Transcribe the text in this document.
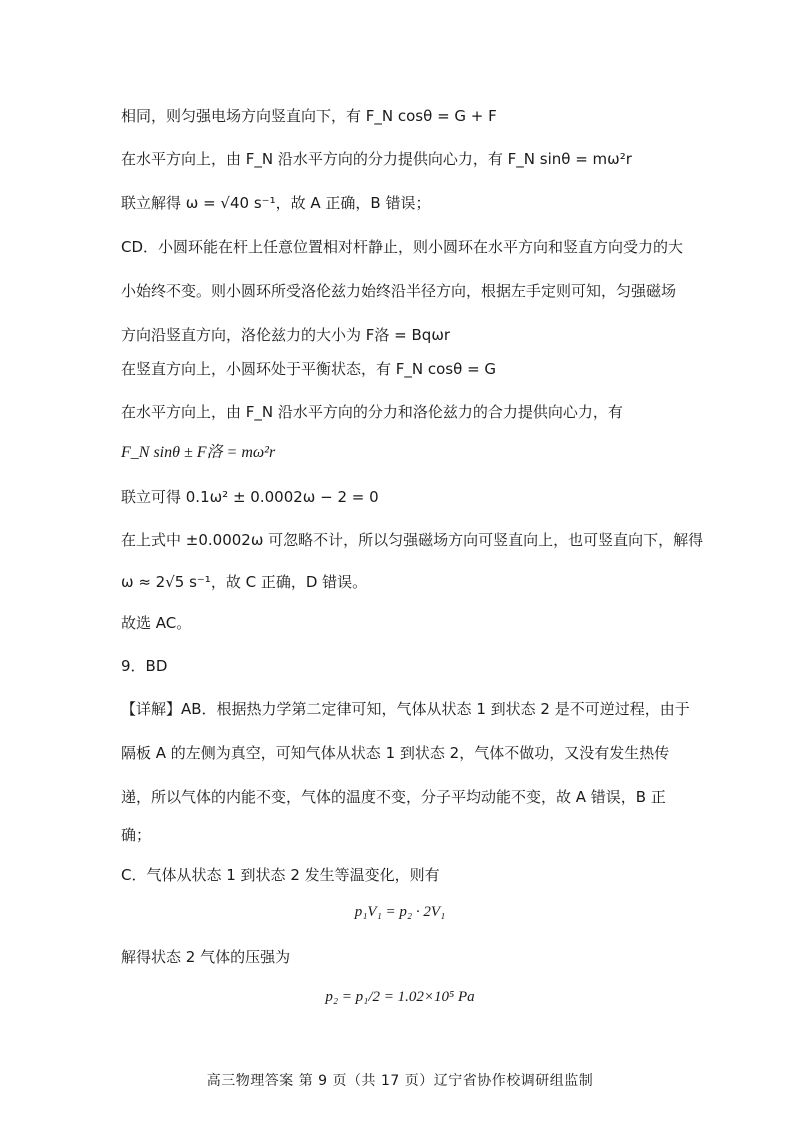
相同，则匀强电场方向竖直向下，有 F_N cosθ = G + F
在水平方向上，由 F_N 沿水平方向的分力提供向心力，有 F_N sinθ = mω²r
联立解得 ω = √40 s⁻¹，故 A 正确，B 错误；
CD．小圆环能在杆上任意位置相对杆静止，则小圆环在水平方向和竖直方向受力的大
小始终不变。则小圆环所受洛伦兹力始终沿半径方向，根据左手定则可知，匀强磁场
方向沿竖直方向，洛伦兹力的大小为 F洛 = Bqωr
在竖直方向上，小圆环处于平衡状态，有 F_N cosθ = G
在水平方向上，由 F_N 沿水平方向的分力和洛伦兹力的合力提供向心力，有
F_N sinθ ± F洛 = mω²r
联立可得 0.1ω² ± 0.0002ω − 2 = 0
在上式中 ±0.0002ω 可忽略不计，所以匀强磁场方向可竖直向上，也可竖直向下，解得
ω ≈ 2√5 s⁻¹，故 C 正确，D 错误。
故选 AC。
9．BD
【详解】AB．根据热力学第二定律可知，气体从状态 1 到状态 2 是不可逆过程，由于
隔板 A 的左侧为真空，可知气体从状态 1 到状态 2，气体不做功，又没有发生热传
递，所以气体的内能不变，气体的温度不变，分子平均动能不变，故 A 错误，B 正
确；
C．气体从状态 1 到状态 2 发生等温变化，则有
p₁V₁ = p₂ · 2V₁
解得状态 2 气体的压强为
p₂ = p₁/2 = 1.02×10⁵ Pa
高三物理答案 第 9 页（共 17 页）辽宁省协作校调研组监制
